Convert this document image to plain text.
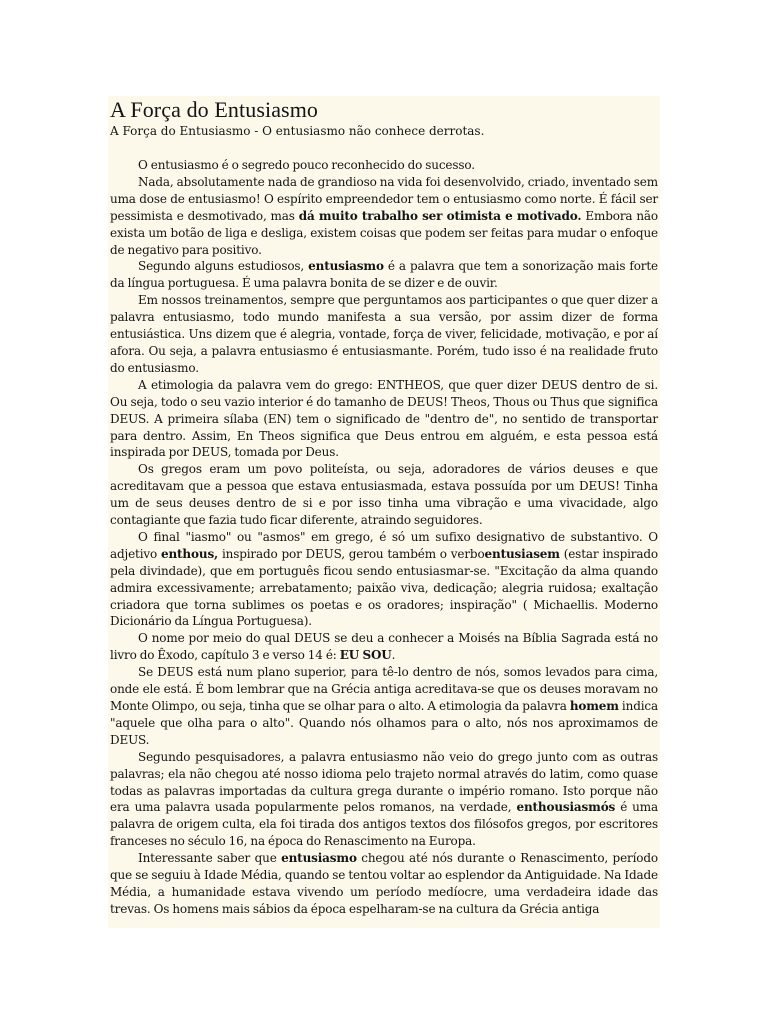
A Força do Entusiasmo

A Força do Entusiasmo - O entusiasmo não conhece derrotas.

O entusiasmo é o segredo pouco reconhecido do sucesso.

Nada, absolutamente nada de grandioso na vida foi desenvolvido, criado, inventado sem uma dose de entusiasmo! O espírito empreendedor tem o entusiasmo como norte. É fácil ser pessimista e desmotivado, mas dá muito trabalho ser otimista e motivado. Embora não exista um botão de liga e desliga, existem coisas que podem ser feitas para mudar o enfoque de negativo para positivo.

Segundo alguns estudiosos, entusiasmo é a palavra que tem a sonorização mais forte da língua portuguesa. É uma palavra bonita de se dizer e de ouvir.

Em nossos treinamentos, sempre que perguntamos aos participantes o que quer dizer a palavra entusiasmo, todo mundo manifesta a sua versão, por assim dizer de forma entusiástica. Uns dizem que é alegria, vontade, força de viver, felicidade, motivação, e por aí afora. Ou seja, a palavra entusiasmo é entusiasmante. Porém, tudo isso é na realidade fruto do entusiasmo.

A etimologia da palavra vem do grego: ENTHEOS, que quer dizer DEUS dentro de si. Ou seja, todo o seu vazio interior é do tamanho de DEUS! Theos, Thous ou Thus que significa DEUS. A primeira sílaba (EN) tem o significado de "dentro de", no sentido de transportar para dentro. Assim, En Theos significa que Deus entrou em alguém, e esta pessoa está inspirada por DEUS, tomada por Deus.

Os gregos eram um povo politeísta, ou seja, adoradores de vários deuses e que acreditavam que a pessoa que estava entusiasmada, estava possuída por um DEUS! Tinha um de seus deuses dentro de si e por isso tinha uma vibração e uma vivacidade, algo contagiante que fazia tudo ficar diferente, atraindo seguidores.

O final "iasmo" ou "asmos" em grego, é só um sufixo designativo de substantivo. O adjetivo enthous, inspirado por DEUS, gerou também o verboentusiasem (estar inspirado pela divindade), que em português ficou sendo entusiasmar-se. "Excitação da alma quando admira excessivamente; arrebatamento; paixão viva, dedicação; alegria ruidosa; exaltação criadora que torna sublimes os poetas e os oradores; inspiração" ( Michaellis. Moderno Dicionário da Língua Portuguesa).

O nome por meio do qual DEUS se deu a conhecer a Moisés na Bíblia Sagrada está no livro do Êxodo, capítulo 3 e verso 14 é: EU SOU.

Se DEUS está num plano superior, para tê-lo dentro de nós, somos levados para cima, onde ele está. É bom lembrar que na Grécia antiga acreditava-se que os deuses moravam no Monte Olimpo, ou seja, tinha que se olhar para o alto. A etimologia da palavra homem indica "aquele que olha para o alto". Quando nós olhamos para o alto, nós nos aproximamos de DEUS.

Segundo pesquisadores, a palavra entusiasmo não veio do grego junto com as outras palavras; ela não chegou até nosso idioma pelo trajeto normal através do latim, como quase todas as palavras importadas da cultura grega durante o império romano. Isto porque não era uma palavra usada popularmente pelos romanos, na verdade, enthousiasmós é uma palavra de origem culta, ela foi tirada dos antigos textos dos filósofos gregos, por escritores franceses no século 16, na época do Renascimento na Europa.

Interessante saber que entusiasmo chegou até nós durante o Renascimento, período que se seguiu à Idade Média, quando se tentou voltar ao esplendor da Antiguidade. Na Idade Média, a humanidade estava vivendo um período medíocre, uma verdadeira idade das trevas. Os homens mais sábios da época espelharam-se na cultura da Grécia antiga
